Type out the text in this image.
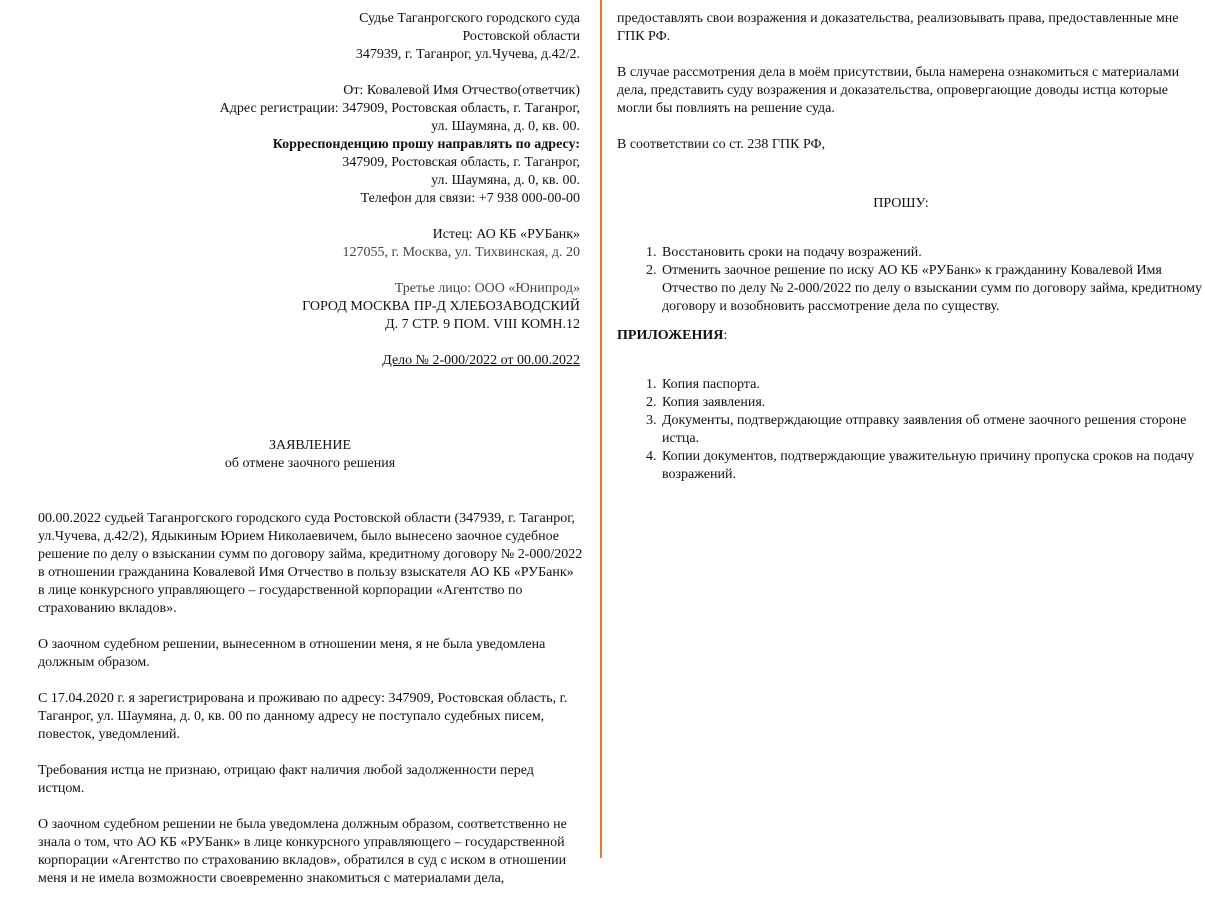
Судье Таганрогского городского суда
Ростовской области
347939, г. Таганрог, ул.Чучева, д.42/2.
От: Ковалевой Имя Отчество(ответчик)
Адрес регистрации: 347909, Ростовская область, г. Таганрог,
ул. Шаумяна, д. 0, кв. 00.
Корреспонденцию прошу направлять по адресу:
347909, Ростовская область, г. Таганрог,
ул. Шаумяна, д. 0, кв. 00.
Телефон для связи: +7 938 000-00-00
Истец: АО КБ «РУБанк»
127055, г. Москва, ул. Тихвинская, д. 20
Третье лицо: ООО «Юнипрод»
ГОРОД МОСКВА ПР-Д ХЛЕБОЗАВОДСКИЙ
Д. 7 СТР. 9 ПОМ. VIII КОМН.12
Дело № 2-000/2022 от 00.00.2022
ЗАЯВЛЕНИЕ
об отмене заочного решения

00.00.2022 судьей Таганрогского городского суда Ростовской области (347939, г. Таганрог, ул.Чучева, д.42/2), Ядыкиным Юрием Николаевичем, было вынесено заочное судебное решение по делу о взыскании сумм по договору займа, кредитному договору № 2-000/2022 в отношении гражданина Ковалевой Имя Отчество в пользу взыскателя АО КБ «РУБанк» в лице конкурсного управляющего – государственной корпорации «Агентство по страхованию вкладов».

О заочном судебном решении, вынесенном в отношении меня, я не была уведомлена должным образом.

С 17.04.2020 г. я зарегистрирована и проживаю по адресу: 347909, Ростовская область, г. Таганрог, ул. Шаумяна, д. 0, кв. 00 по данному адресу не поступало судебных писем, повесток, уведомлений.

Требования истца не признаю, отрицаю факт наличия любой задолженности перед истцом.

О заочном судебном решении не была уведомлена должным образом, соответственно не знала о том, что АО КБ «РУБанк» в лице конкурсного управляющего – государственной корпорации «Агентство по страхованию вкладов», обратился в суд с иском в отношении меня и не имела возможности своевременно знакомиться с материалами дела,

предоставлять свои возражения и доказательства, реализовывать права, предоставленные мне ГПК РФ.

В случае рассмотрения дела в моём присутствии, была намерена ознакомиться с материалами дела, представить суду возражения и доказательства, опровергающие доводы истца которые могли бы повлиять на решение суда.

В соответствии со ст. 238 ГПК РФ,

ПРОШУ:
1. Восстановить сроки на подачу возражений.
2. Отменить заочное решение по иску АО КБ «РУБанк» к гражданину Ковалевой Имя Отчество по делу № 2-000/2022 по делу о взыскании сумм по договору займа, кредитному договору и возобновить рассмотрение дела по существу.
ПРИЛОЖЕНИЯ:
1. Копия паспорта.
2. Копия заявления.
3. Документы, подтверждающие отправку заявления об отмене заочного решения стороне истца.
4. Копии документов, подтверждающие уважительную причину пропуска сроков на подачу возражений.
